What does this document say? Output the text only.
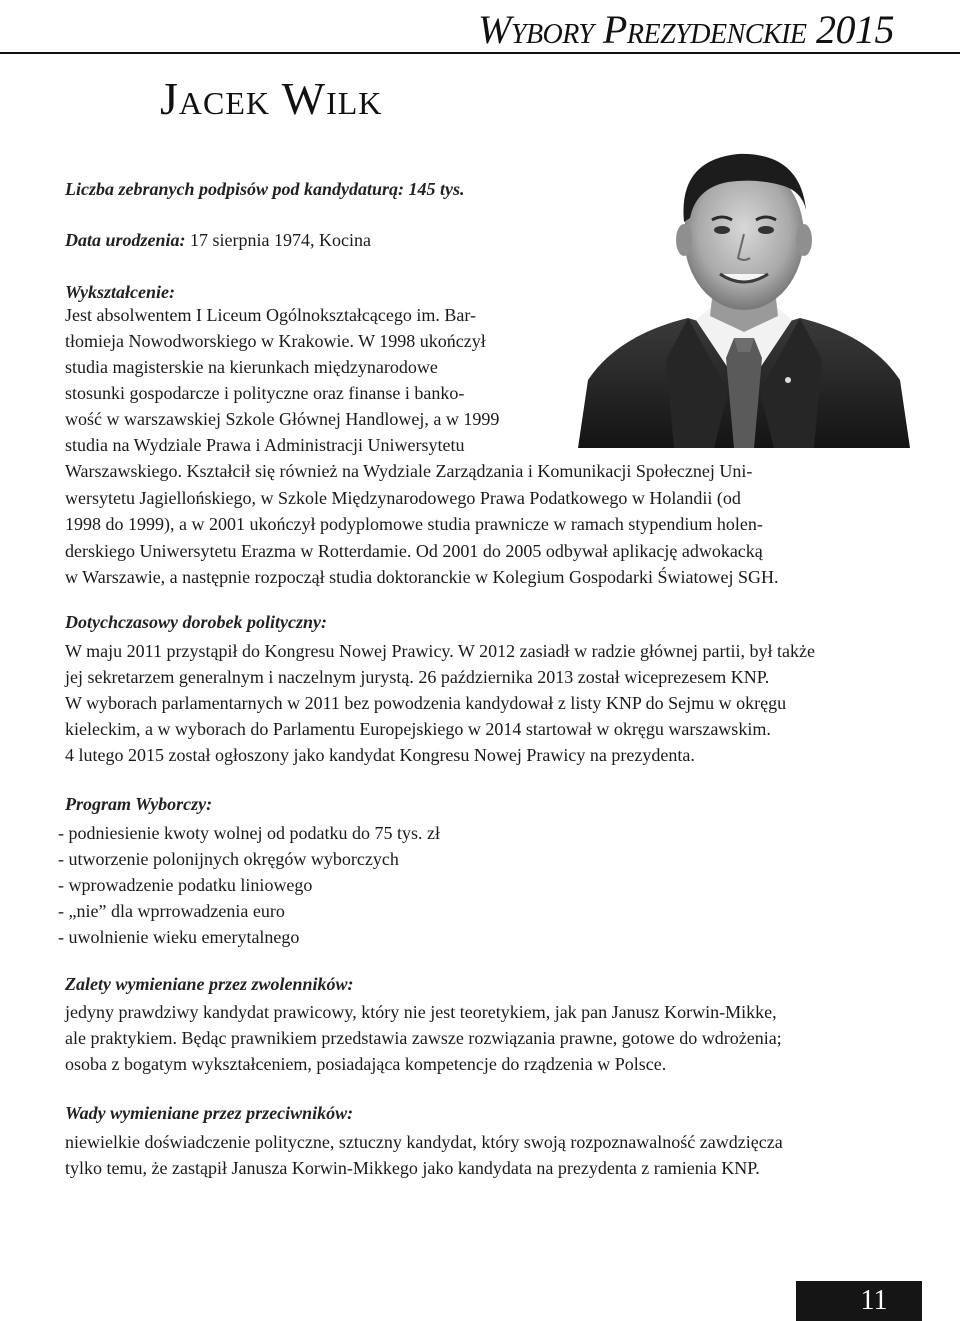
Wybory Prezydenckie 2015
Jacek Wilk
Liczba zebranych podpisów pod kandydaturą: 145 tys.
Data urodzenia: 17 sierpnia 1974, Kocina
Wykształcenie:
Jest absolwentem I Liceum Ogólnokształcącego im. Bar-
tłomieja Nowodworskiego w Krakowie. W 1998 ukończył
studia magisterskie na kierunkach międzynarodowe
stosunki gospodarcze i polityczne oraz finanse i banko-
wość w warszawskiej Szkole Głównej Handlowej, a w 1999
studia na Wydziale Prawa i Administracji Uniwersytetu
Warszawskiego. Kształcił się również na Wydziale Zarządzania i Komunikacji Społecznej Uni-
wersytetu Jagiellońskiego, w Szkole Międzynarodowego Prawa Podatkowego w Holandii (od
1998 do 1999), a w 2001 ukończył podyplomowe studia prawnicze w ramach stypendium holen-
derskiego Uniwersytetu Erazma w Rotterdamie. Od 2001 do 2005 odbywał aplikację adwokacką
w Warszawie, a następnie rozpoczął studia doktoranckie w Kolegium Gospodarki Światowej SGH.
Dotychczasowy dorobek polityczny:
W maju 2011 przystąpił do Kongresu Nowej Prawicy. W 2012 zasiadł w radzie głównej partii, był także
jej sekretarzem generalnym i naczelnym jurystą. 26 października 2013 został wiceprezesem KNP.
W wyborach parlamentarnych w 2011 bez powodzenia kandydował z listy KNP do Sejmu w okręgu
kieleckim, a w wyborach do Parlamentu Europejskiego w 2014 startował w okręgu warszawskim.
4 lutego 2015 został ogłoszony jako kandydat Kongresu Nowej Prawicy na prezydenta.
Program Wyborczy:
- podniesienie kwoty wolnej od podatku do 75 tys. zł
- utworzenie polonijnych okręgów wyborczych
- wprowadzenie podatku liniowego
- „nie” dla wprrowadzenia euro
- uwolnienie wieku emerytalnego
Zalety wymieniane przez zwolenników:
jedyny prawdziwy kandydat prawicowy, który nie jest teoretykiem, jak pan Janusz Korwin-Mikke,
ale praktykiem. Będąc prawnikiem przedstawia zawsze rozwiązania prawne, gotowe do wdrożenia;
osoba z bogatym wykształceniem, posiadająca kompetencje do rządzenia w Polsce.
Wady wymieniane przez przeciwników:
niewielkie doświadczenie polityczne, sztuczny kandydat, który swoją rozpoznawalność zawdzięcza
tylko temu, że zastąpił Janusza Korwin-Mikkego jako kandydata na prezydenta z ramienia KNP.
11
